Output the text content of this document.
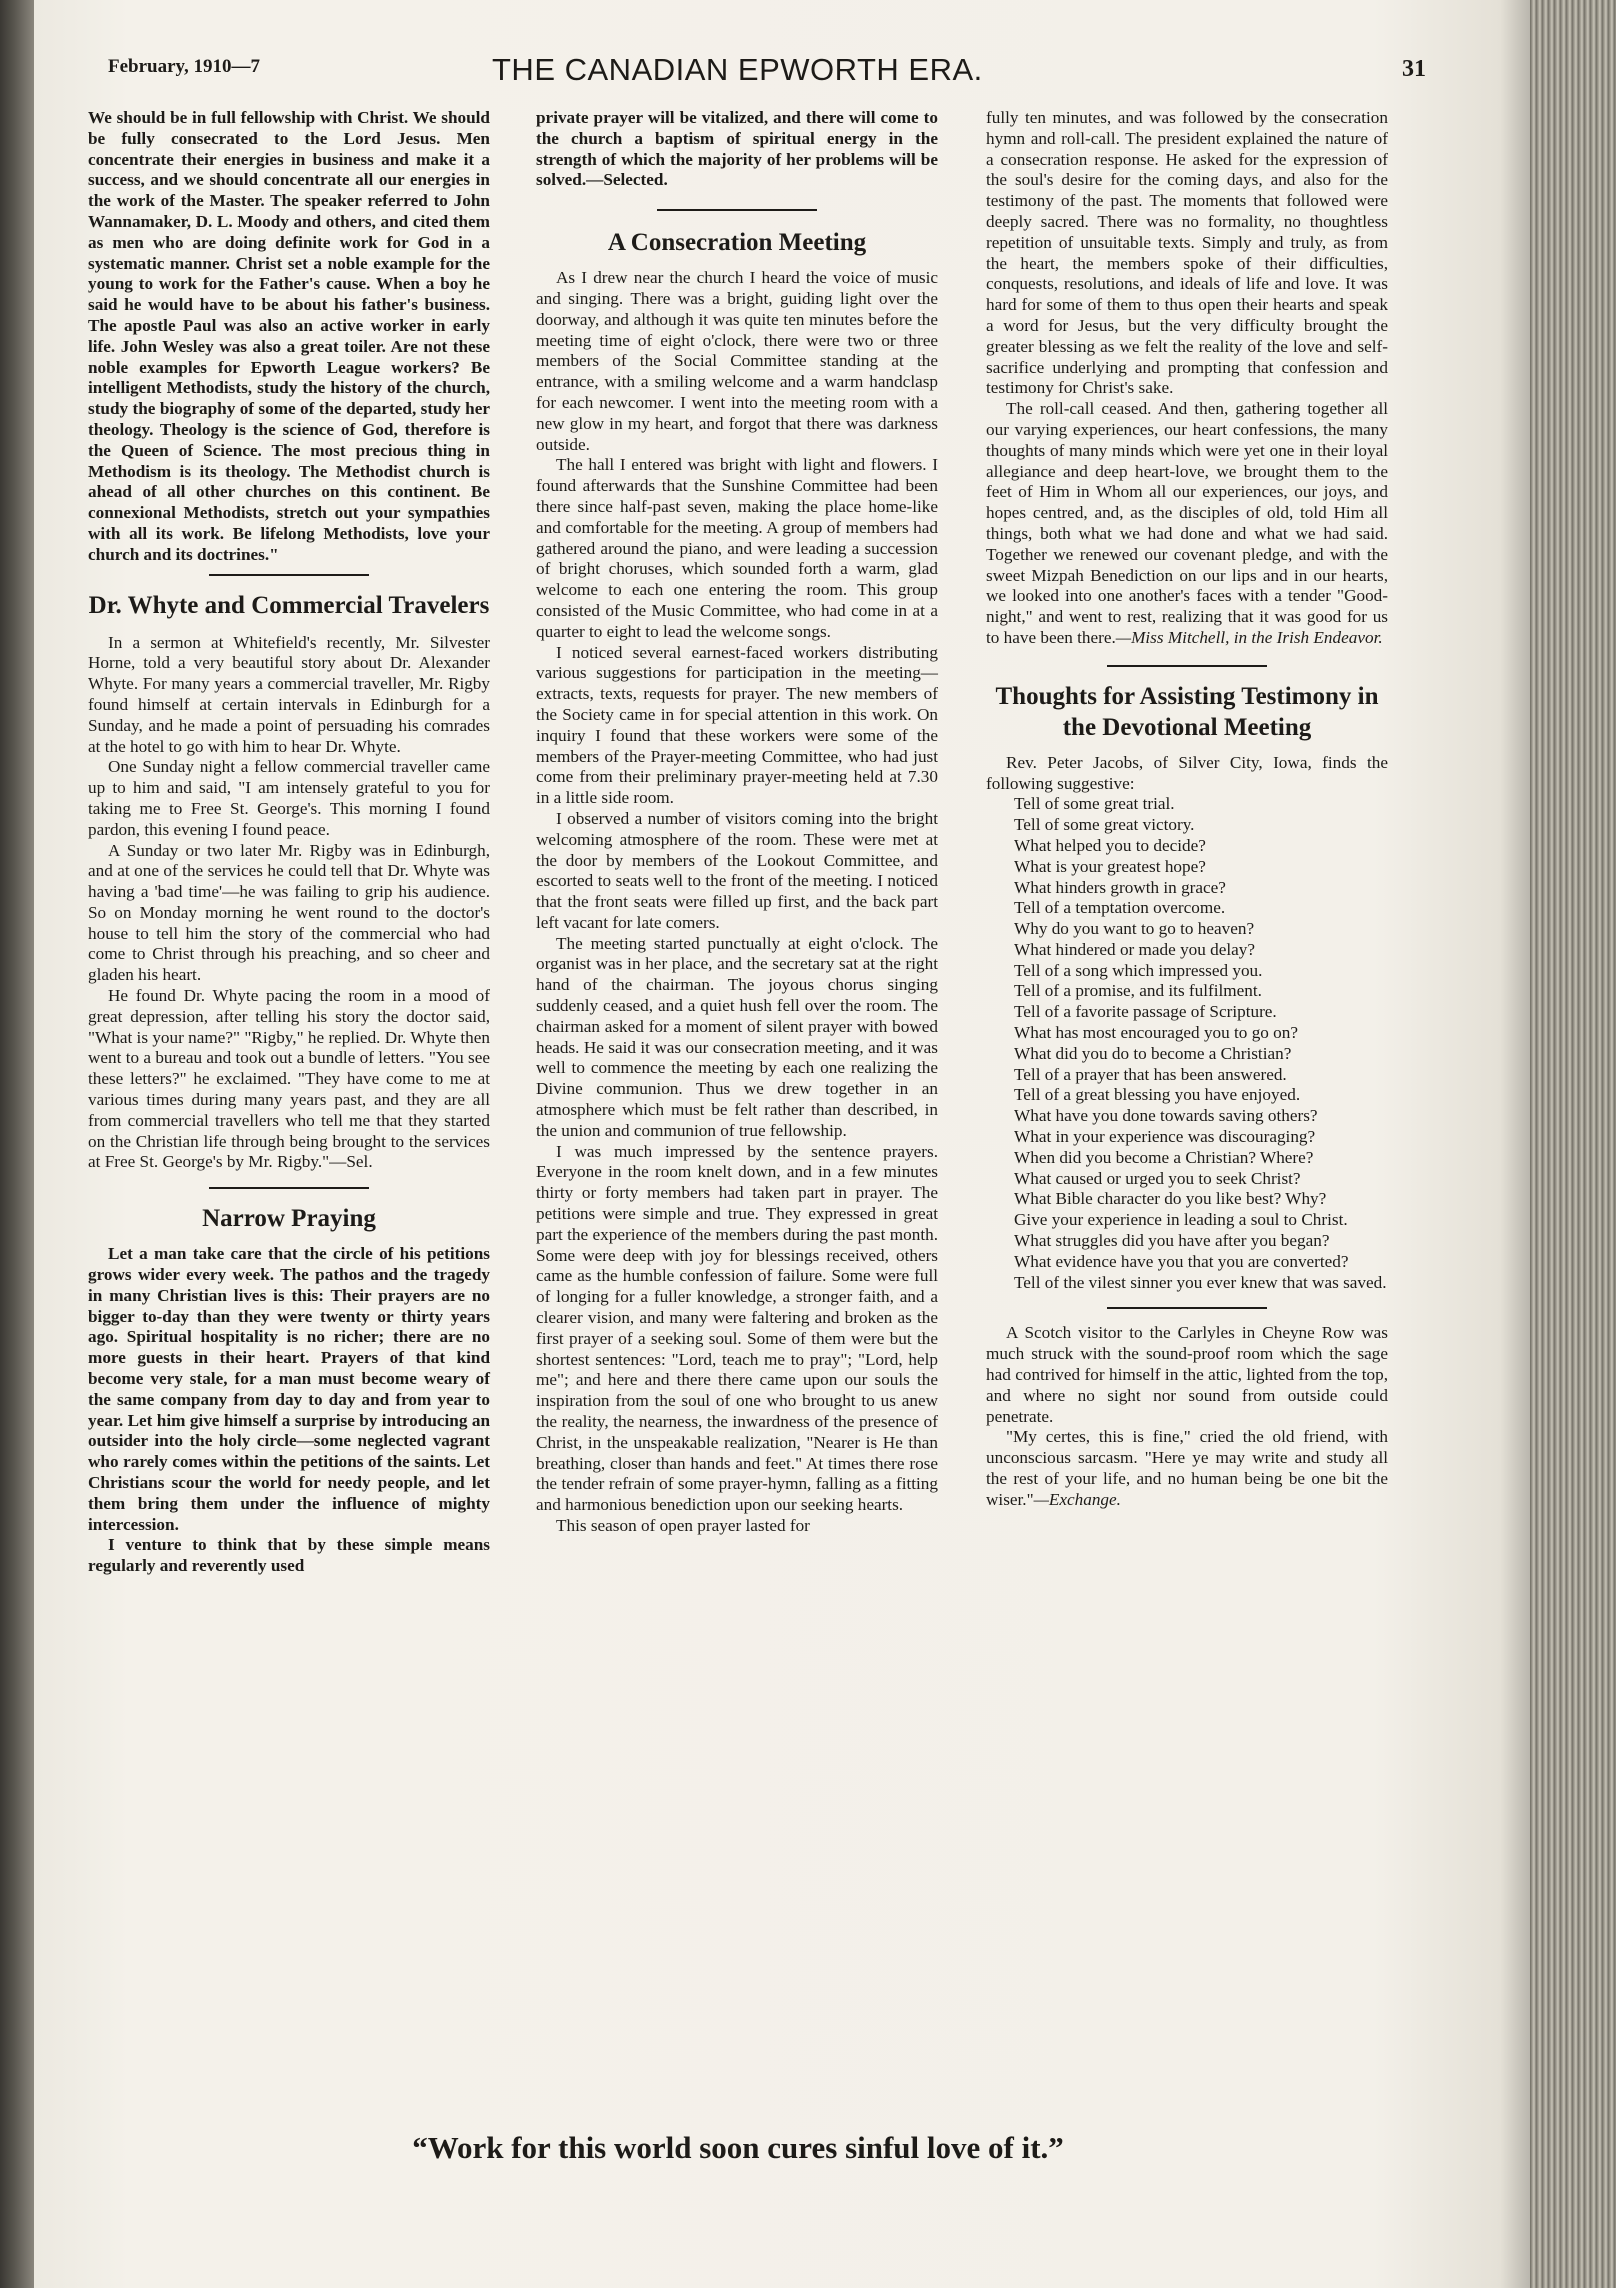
February, 1910—7	THE CANADIAN EPWORTH ERA.	31

We should be in full fellowship with Christ. We should be fully consecrated to the Lord Jesus. Men concentrate their energies in business and make it a success, and we should concentrate all our energies in the work of the Master. The speaker referred to John Wannamaker, D. L. Moody and others, and cited them as men who are doing definite work for God in a systematic manner. Christ set a noble example for the young to work for the Father's cause. When a boy he said he would have to be about his father's business. The apostle Paul was also an active worker in early life. John Wesley was also a great toiler. Are not these noble examples for Epworth League workers? Be intelligent Methodists, study the history of the church, study the biography of some of the departed, study her theology. Theology is the science of God, therefore is the Queen of Science. The most precious thing in Methodism is its theology. The Methodist church is ahead of all other churches on this continent. Be connexional Methodists, stretch out your sympathies with all its work. Be lifelong Methodists, love your church and its doctrines."

Dr. Whyte and Commercial Travelers

In a sermon at Whitefield's recently, Mr. Silvester Horne, told a very beautiful story about Dr. Alexander Whyte. For many years a commercial traveller, Mr. Rigby found himself at certain intervals in Edinburgh for a Sunday, and he made a point of persuading his comrades at the hotel to go with him to hear Dr. Whyte.

One Sunday night a fellow commercial traveller came up to him and said, "I am intensely grateful to you for taking me to Free St. George's. This morning I found pardon, this evening I found peace.

A Sunday or two later Mr. Rigby was in Edinburgh, and at one of the services he could tell that Dr. Whyte was having a 'bad time'—he was failing to grip his audience. So on Monday morning he went round to the doctor's house to tell him the story of the commercial who had come to Christ through his preaching, and so cheer and gladen his heart.

He found Dr. Whyte pacing the room in a mood of great depression, after telling his story the doctor said, "What is your name?" "Rigby," he replied. Dr. Whyte then went to a bureau and took out a bundle of letters. "You see these letters?" he exclaimed. "They have come to me at various times during many years past, and they are all from commercial travellers who tell me that they started on the Christian life through being brought to the services at Free St. George's by Mr. Rigby."—Sel.

Narrow Praying

Let a man take care that the circle of his petitions grows wider every week. The pathos and the tragedy in many Christian lives is this: Their prayers are no bigger to-day than they were twenty or thirty years ago. Spiritual hospitality is no richer; there are no more guests in their heart. Prayers of that kind become very stale, for a man must become weary of the same company from day to day and from year to year. Let him give himself a surprise by introducing an outsider into the holy circle—some neglected vagrant who rarely comes within the petitions of the saints. Let Christians scour the world for needy people, and let them bring them under the influence of mighty intercession.

I venture to think that by these simple means regularly and reverently used

private prayer will be vitalized, and there will come to the church a baptism of spiritual energy in the strength of which the majority of her problems will be solved.—Selected.

A Consecration Meeting

As I drew near the church I heard the voice of music and singing. There was a bright, guiding light over the doorway, and although it was quite ten minutes before the meeting time of eight o'clock, there were two or three members of the Social Committee standing at the entrance, with a smiling welcome and a warm handclasp for each newcomer. I went into the meeting room with a new glow in my heart, and forgot that there was darkness outside.

The hall I entered was bright with light and flowers. I found afterwards that the Sunshine Committee had been there since half-past seven, making the place home-like and comfortable for the meeting. A group of members had gathered around the piano, and were leading a succession of bright choruses, which sounded forth a warm, glad welcome to each one entering the room. This group consisted of the Music Committee, who had come in at a quarter to eight to lead the welcome songs.

I noticed several earnest-faced workers distributing various suggestions for participation in the meeting—extracts, texts, requests for prayer. The new members of the Society came in for special attention in this work. On inquiry I found that these workers were some of the members of the Prayer-meeting Committee, who had just come from their preliminary prayer-meeting held at 7.30 in a little side room.

I observed a number of visitors coming into the bright welcoming atmosphere of the room. These were met at the door by members of the Lookout Committee, and escorted to seats well to the front of the meeting. I noticed that the front seats were filled up first, and the back part left vacant for late comers.

The meeting started punctually at eight o'clock. The organist was in her place, and the secretary sat at the right hand of the chairman. The joyous chorus singing suddenly ceased, and a quiet hush fell over the room. The chairman asked for a moment of silent prayer with bowed heads. He said it was our consecration meeting, and it was well to commence the meeting by each one realizing the Divine communion. Thus we drew together in an atmosphere which must be felt rather than described, in the union and communion of true fellowship.

I was much impressed by the sentence prayers. Everyone in the room knelt down, and in a few minutes thirty or forty members had taken part in prayer. The petitions were simple and true. They expressed in great part the experience of the members during the past month. Some were deep with joy for blessings received, others came as the humble confession of failure. Some were full of longing for a fuller knowledge, a stronger faith, and a clearer vision, and many were faltering and broken as the first prayer of a seeking soul. Some of them were but the shortest sentences: "Lord, teach me to pray"; "Lord, help me"; and here and there there came upon our souls the inspiration from the soul of one who brought to us anew the reality, the nearness, the inwardness of the presence of Christ, in the unspeakable realization, "Nearer is He than breathing, closer than hands and feet." At times there rose the tender refrain of some prayer-hymn, falling as a fitting and harmonious benediction upon our seeking hearts.

This season of open prayer lasted for

fully ten minutes, and was followed by the consecration hymn and roll-call. The president explained the nature of a consecration response. He asked for the expression of the soul's desire for the coming days, and also for the testimony of the past. The moments that followed were deeply sacred. There was no formality, no thoughtless repetition of unsuitable texts. Simply and truly, as from the heart, the members spoke of their difficulties, conquests, resolutions, and ideals of life and love. It was hard for some of them to thus open their hearts and speak a word for Jesus, but the very difficulty brought the greater blessing as we felt the reality of the love and self-sacrifice underlying and prompting that confession and testimony for Christ's sake.

The roll-call ceased. And then, gathering together all our varying experiences, our heart confessions, the many thoughts of many minds which were yet one in their loyal allegiance and deep heart-love, we brought them to the feet of Him in Whom all our experiences, our joys, and hopes centred, and, as the disciples of old, told Him all things, both what we had done and what we had said. Together we renewed our covenant pledge, and with the sweet Mizpah Benediction on our lips and in our hearts, we looked into one another's faces with a tender "Good-night," and went to rest, realizing that it was good for us to have been there.—Miss Mitchell, in the Irish Endeavor.

Thoughts for Assisting Testimony in the Devotional Meeting

Rev. Peter Jacobs, of Silver City, Iowa, finds the following suggestive:

Tell of some great trial.
Tell of some great victory.
What helped you to decide?
What is your greatest hope?
What hinders growth in grace?
Tell of a temptation overcome.
Why do you want to go to heaven?
What hindered or made you delay?
Tell of a song which impressed you.
Tell of a promise, and its fulfilment.
Tell of a favorite passage of Scripture.
What has most encouraged you to go on?
What did you do to become a Christian?
Tell of a prayer that has been answered.
Tell of a great blessing you have enjoyed.
What have you done towards saving others?
What in your experience was discouraging?
When did you become a Christian? Where?
What caused or urged you to seek Christ?
What Bible character do you like best? Why?
Give your experience in leading a soul to Christ.
What struggles did you have after you began?
What evidence have you that you are converted?
Tell of the vilest sinner you ever knew that was saved.

A Scotch visitor to the Carlyles in Cheyne Row was much struck with the sound-proof room which the sage had contrived for himself in the attic, lighted from the top, and where no sight nor sound from outside could penetrate.

"My certes, this is fine," cried the old friend, with unconscious sarcasm. "Here ye may write and study all the rest of your life, and no human being be one bit the wiser."—Exchange.

“Work for this world soon cures sinful love of it.”
